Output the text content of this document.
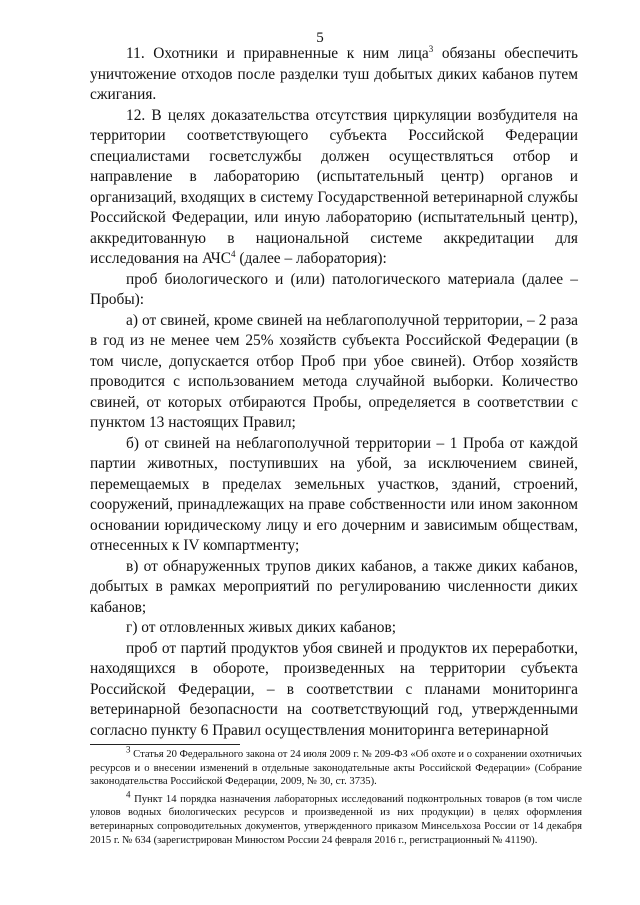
5

11. Охотники и приравненные к ним лица$^3$ обязаны обеспечить уничтожение отходов после разделки туш добытых диких кабанов путем сжигания.

12. В целях доказательства отсутствия циркуляции возбудителя на территории соответствующего субъекта Российской Федерации специалистами госветслужбы должен осуществляться отбор и направление в лабораторию (испытательный центр) органов и организаций, входящих в систему Государственной ветеринарной службы Российской Федерации, или иную лабораторию (испытательный центр), аккредитованную в национальной системе аккредитации для исследования на АЧС$^4$ (далее – лаборатория):

проб биологического и (или) патологического материала (далее – Пробы):

а) от свиней, кроме свиней на неблагополучной территории, – 2 раза в год из не менее чем 25% хозяйств субъекта Российской Федерации (в том числе, допускается отбор Проб при убое свиней). Отбор хозяйств проводится с использованием метода случайной выборки. Количество свиней, от которых отбираются Пробы, определяется в соответствии с пунктом 13 настоящих Правил;

б) от свиней на неблагополучной территории – 1 Проба от каждой партии животных, поступивших на убой, за исключением свиней, перемещаемых в пределах земельных участков, зданий, строений, сооружений, принадлежащих на праве собственности или ином законном основании юридическому лицу и его дочерним и зависимым обществам, отнесенных к IV компартменту;

в) от обнаруженных трупов диких кабанов, а также диких кабанов, добытых в рамках мероприятий по регулированию численности диких кабанов;

г) от отловленных живых диких кабанов;

проб от партий продуктов убоя свиней и продуктов их переработки, находящихся в обороте, произведенных на территории субъекта Российской Федерации, – в соответствии с планами мониторинга ветеринарной безопасности на соответствующий год, утвержденными согласно пункту 6 Правил осуществления мониторинга ветеринарной

$^3$ Статья 20 Федерального закона от 24 июля 2009 г. № 209-ФЗ «Об охоте и о сохранении охотничьих ресурсов и о внесении изменений в отдельные законодательные акты Российской Федерации» (Собрание законодательства Российской Федерации, 2009, № 30, ст. 3735).

$^4$ Пункт 14 порядка назначения лабораторных исследований подконтрольных товаров (в том числе уловов водных биологических ресурсов и произведенной из них продукции) в целях оформления ветеринарных сопроводительных документов, утвержденного приказом Минсельхоза России от 14 декабря 2015 г. № 634 (зарегистрирован Минюстом России 24 февраля 2016 г., регистрационный № 41190).
